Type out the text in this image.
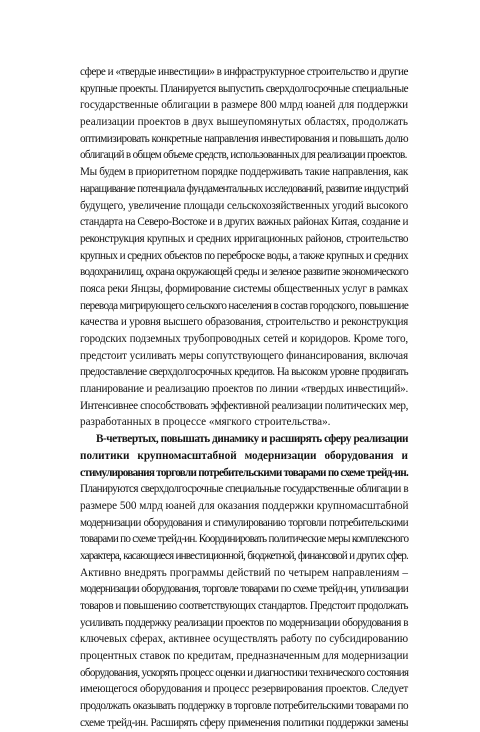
сфере и «твердые инвестиции» в инфраструктурное строительство и другие
крупные проекты. Планируется выпустить сверхдолгосрочные специальные
государственные облигации в размере 800 млрд юаней для поддержки
реализации проектов в двух вышеупомянутых областях, продолжать
оптимизировать конкретные направления инвестирования и повышать долю
облигаций в общем объеме средств, использованных для реализации проектов.
Мы будем в приоритетном порядке поддерживать такие направления, как
наращивание потенциала фундаментальных исследований, развитие индустрий
будущего, увеличение площади сельскохозяйственных угодий высокого
стандарта на Северо-Востоке и в других важных районах Китая, создание и
реконструкция крупных и средних ирригационных районов, строительство
крупных и средних объектов по переброске воды, а также крупных и средних
водохранилищ, охрана окружающей среды и зеленое развитие экономического
пояса реки Янцзы, формирование системы общественных услуг в рамках
перевода мигрирующего сельского населения в состав городского, повышение
качества и уровня высшего образования, строительство и реконструкция
городских подземных трубопроводных сетей и коридоров. Кроме того,
предстоит усиливать меры сопутствующего финансирования, включая
предоставление сверхдолгосрочных кредитов. На высоком уровне продвигать
планирование и реализацию проектов по линии «твердых инвестиций».
Интенсивнее способствовать эффективной реализации политических мер,
разработанных в процессе «мягкого строительства».
В-четвертых, повышать динамику и расширять сферу реализации
политики крупномасштабной модернизации оборудования и
стимулирования торговли потребительскими товарами по схеме трейд-ин.
Планируются сверхдолгосрочные специальные государственные облигации в
размере 500 млрд юаней для оказания поддержки крупномасштабной
модернизации оборудования и стимулированию торговли потребительскими
товарами по схеме трейд-ин. Координировать политические меры комплексного
характера, касающиеся инвестиционной, бюджетной, финансовой и других сфер.
Активно внедрять программы действий по четырем направлениям –
модернизации оборудования, торговле товарами по схеме трейд-ин, утилизации
товаров и повышению соответствующих стандартов. Предстоит продолжать
усиливать поддержку реализации проектов по модернизации оборудования в
ключевых сферах, активнее осуществлять работу по субсидированию
процентных ставок по кредитам, предназначенным для модернизации
оборудования, ускорять процесс оценки и диагностики технического состояния
имеющегося оборудования и процесс резервирования проектов. Следует
продолжать оказывать поддержку в торговле потребительскими товарами по
схеме трейд-ин. Расширять сферу применения политики поддержки замены
